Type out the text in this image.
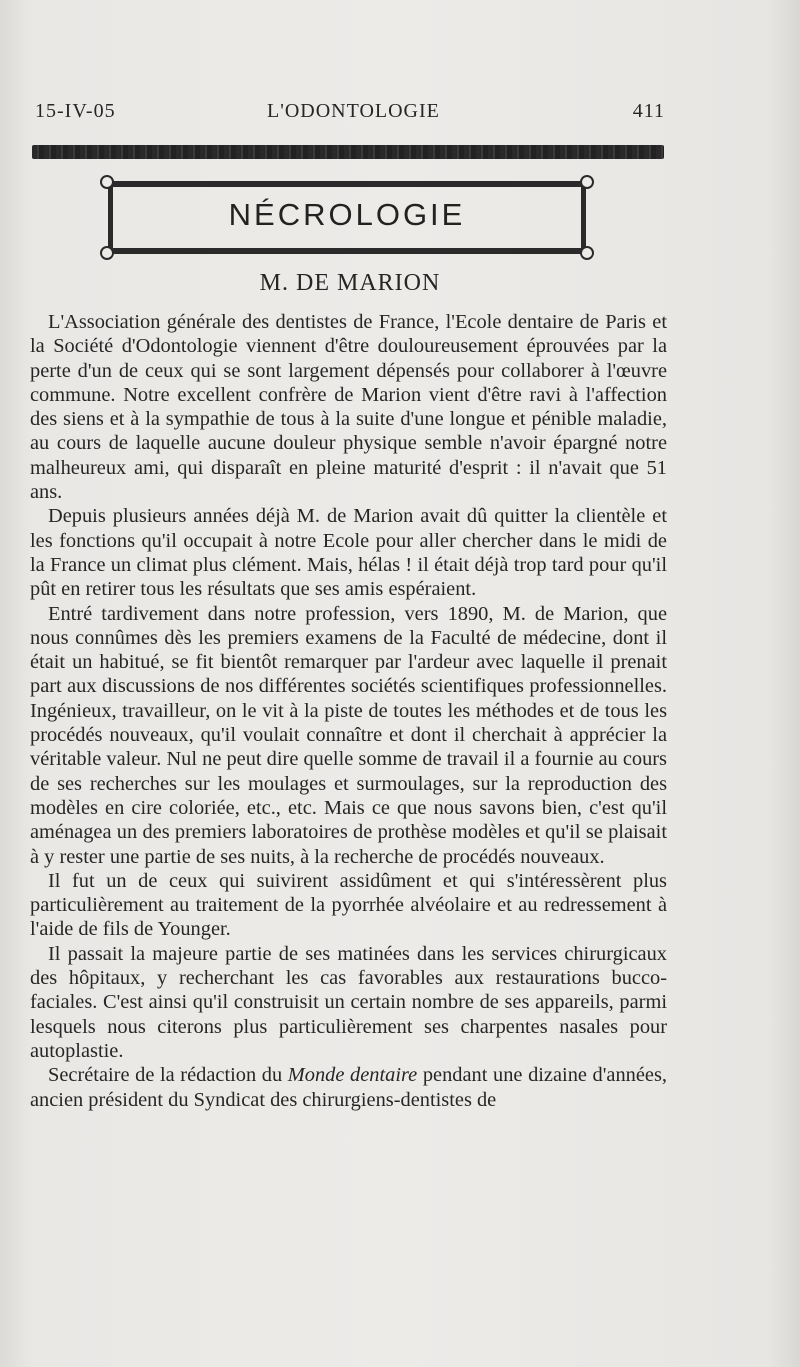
15-IV-05	L'ODONTOLOGIE	411
NÉCROLOGIE
M. DE MARION

L'Association générale des dentistes de France, l'Ecole dentaire de Paris et la Société d'Odontologie viennent d'être douloureusement éprouvées par la perte d'un de ceux qui se sont largement dépensés pour collaborer à l'œuvre commune. Notre excellent confrère de Marion vient d'être ravi à l'affection des siens et à la sympathie de tous à la suite d'une longue et pénible maladie, au cours de laquelle aucune douleur physique semble n'avoir épargné notre malheureux ami, qui disparaît en pleine maturité d'esprit : il n'avait que 51 ans.

Depuis plusieurs années déjà M. de Marion avait dû quitter la clientèle et les fonctions qu'il occupait à notre Ecole pour aller chercher dans le midi de la France un climat plus clément. Mais, hélas ! il était déjà trop tard pour qu'il pût en retirer tous les résultats que ses amis espéraient.

Entré tardivement dans notre profession, vers 1890, M. de Marion, que nous connûmes dès les premiers examens de la Faculté de médecine, dont il était un habitué, se fit bientôt remarquer par l'ardeur avec laquelle il prenait part aux discussions de nos différentes sociétés scientifiques professionnelles. Ingénieux, travailleur, on le vit à la piste de toutes les méthodes et de tous les procédés nouveaux, qu'il voulait connaître et dont il cherchait à apprécier la véritable valeur. Nul ne peut dire quelle somme de travail il a fournie au cours de ses recherches sur les moulages et surmoulages, sur la reproduction des modèles en cire coloriée, etc., etc. Mais ce que nous savons bien, c'est qu'il aménagea un des premiers laboratoires de prothèse modèles et qu'il se plaisait à y rester une partie de ses nuits, à la recherche de procédés nouveaux.

Il fut un de ceux qui suivirent assidûment et qui s'intéressèrent plus particulièrement au traitement de la pyorrhée alvéolaire et au redressement à l'aide de fils de Younger.

Il passait la majeure partie de ses matinées dans les services chirurgicaux des hôpitaux, y recherchant les cas favorables aux restaurations bucco-faciales. C'est ainsi qu'il construisit un certain nombre de ses appareils, parmi lesquels nous citerons plus particulièrement ses charpentes nasales pour autoplastie.

Secrétaire de la rédaction du Monde dentaire pendant une dizaine d'années, ancien président du Syndicat des chirurgiens-dentistes de
